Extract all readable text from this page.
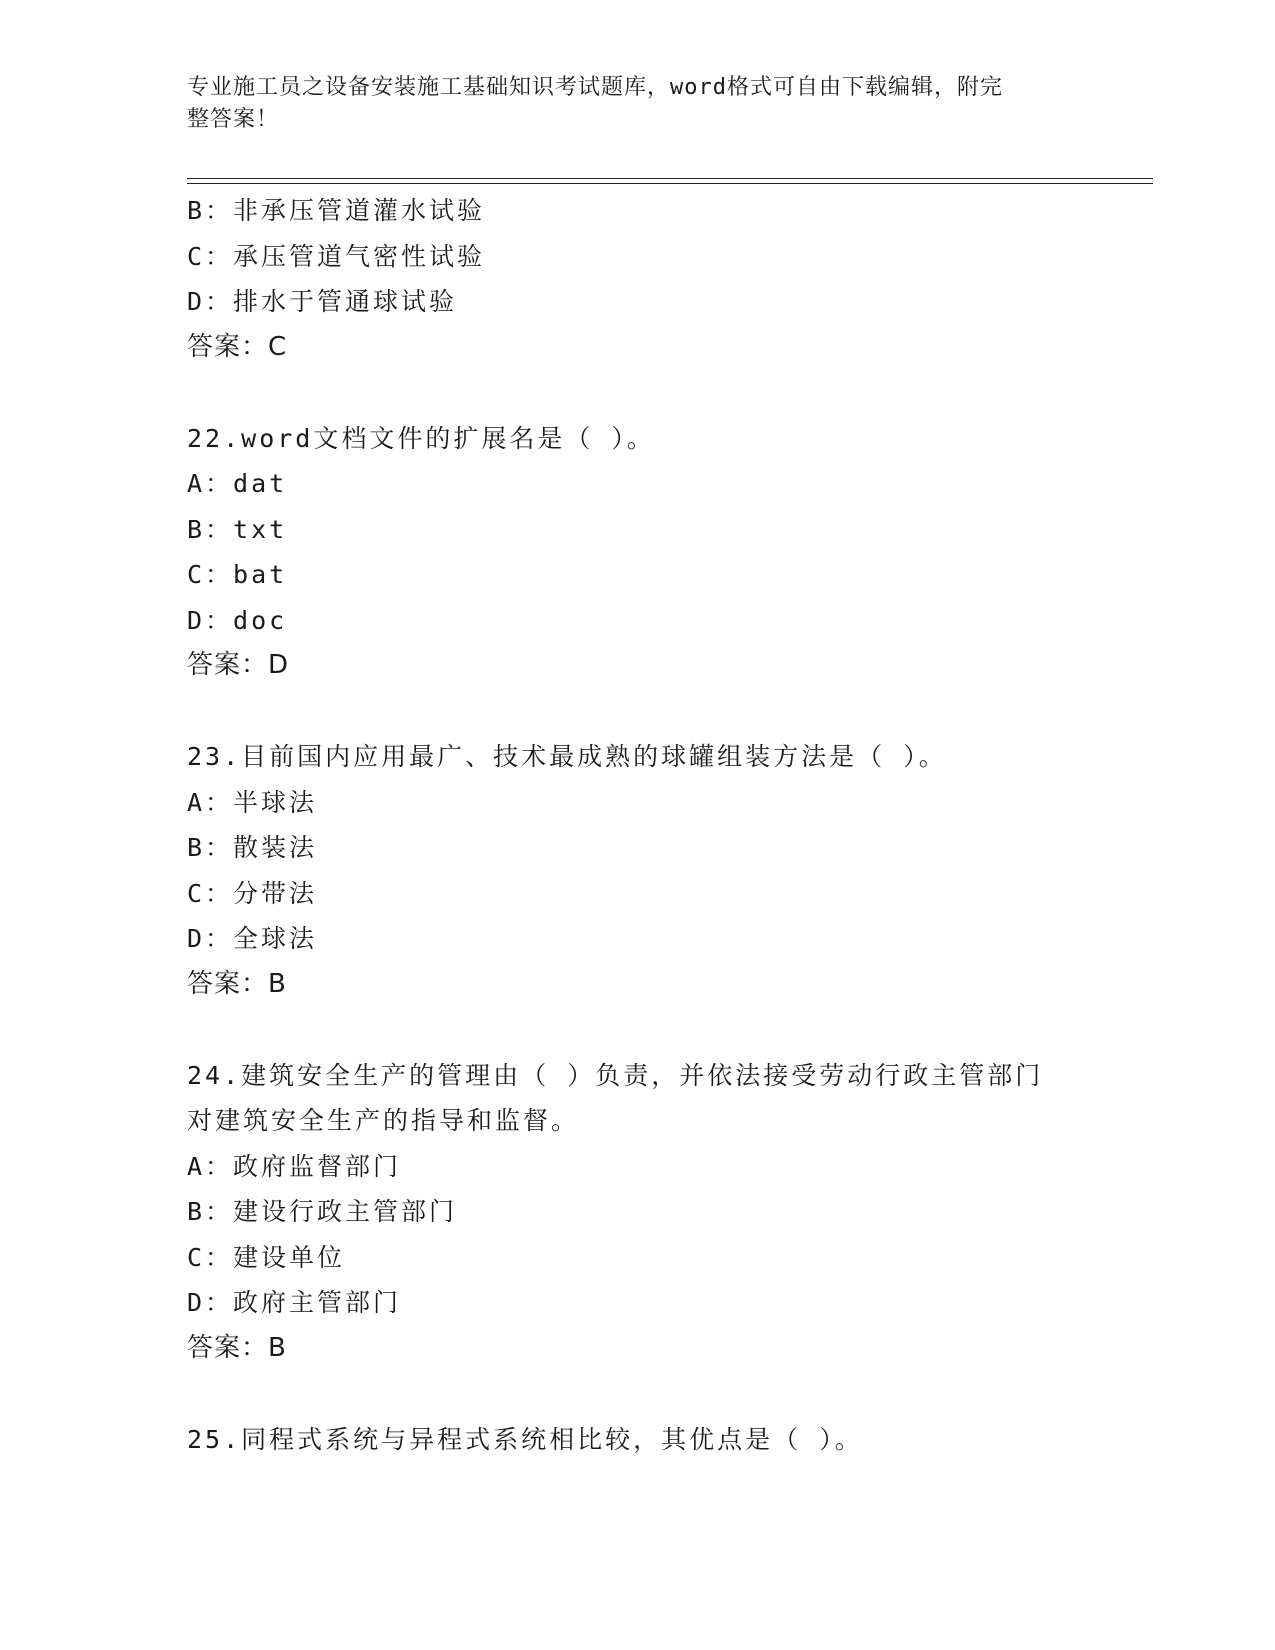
专业施工员之设备安装施工基础知识考试题库，word格式可自由下载编辑，附完
整答案！
B：非承压管道灌水试验
C：承压管道气密性试验
D：排水于管通球试验
答案：C
22.word文档文件的扩展名是（ ）。
A：dat
B：txt
C：bat
D：doc
答案：D
23.目前国内应用最广、技术最成熟的球罐组装方法是（ ）。
A：半球法
B：散装法
C：分带法
D：全球法
答案：B
24.建筑安全生产的管理由（ ）负责，并依法接受劳动行政主管部门
对建筑安全生产的指导和监督。
A：政府监督部门
B：建设行政主管部门
C：建设单位
D：政府主管部门
答案：B
25.同程式系统与异程式系统相比较，其优点是（ ）。
